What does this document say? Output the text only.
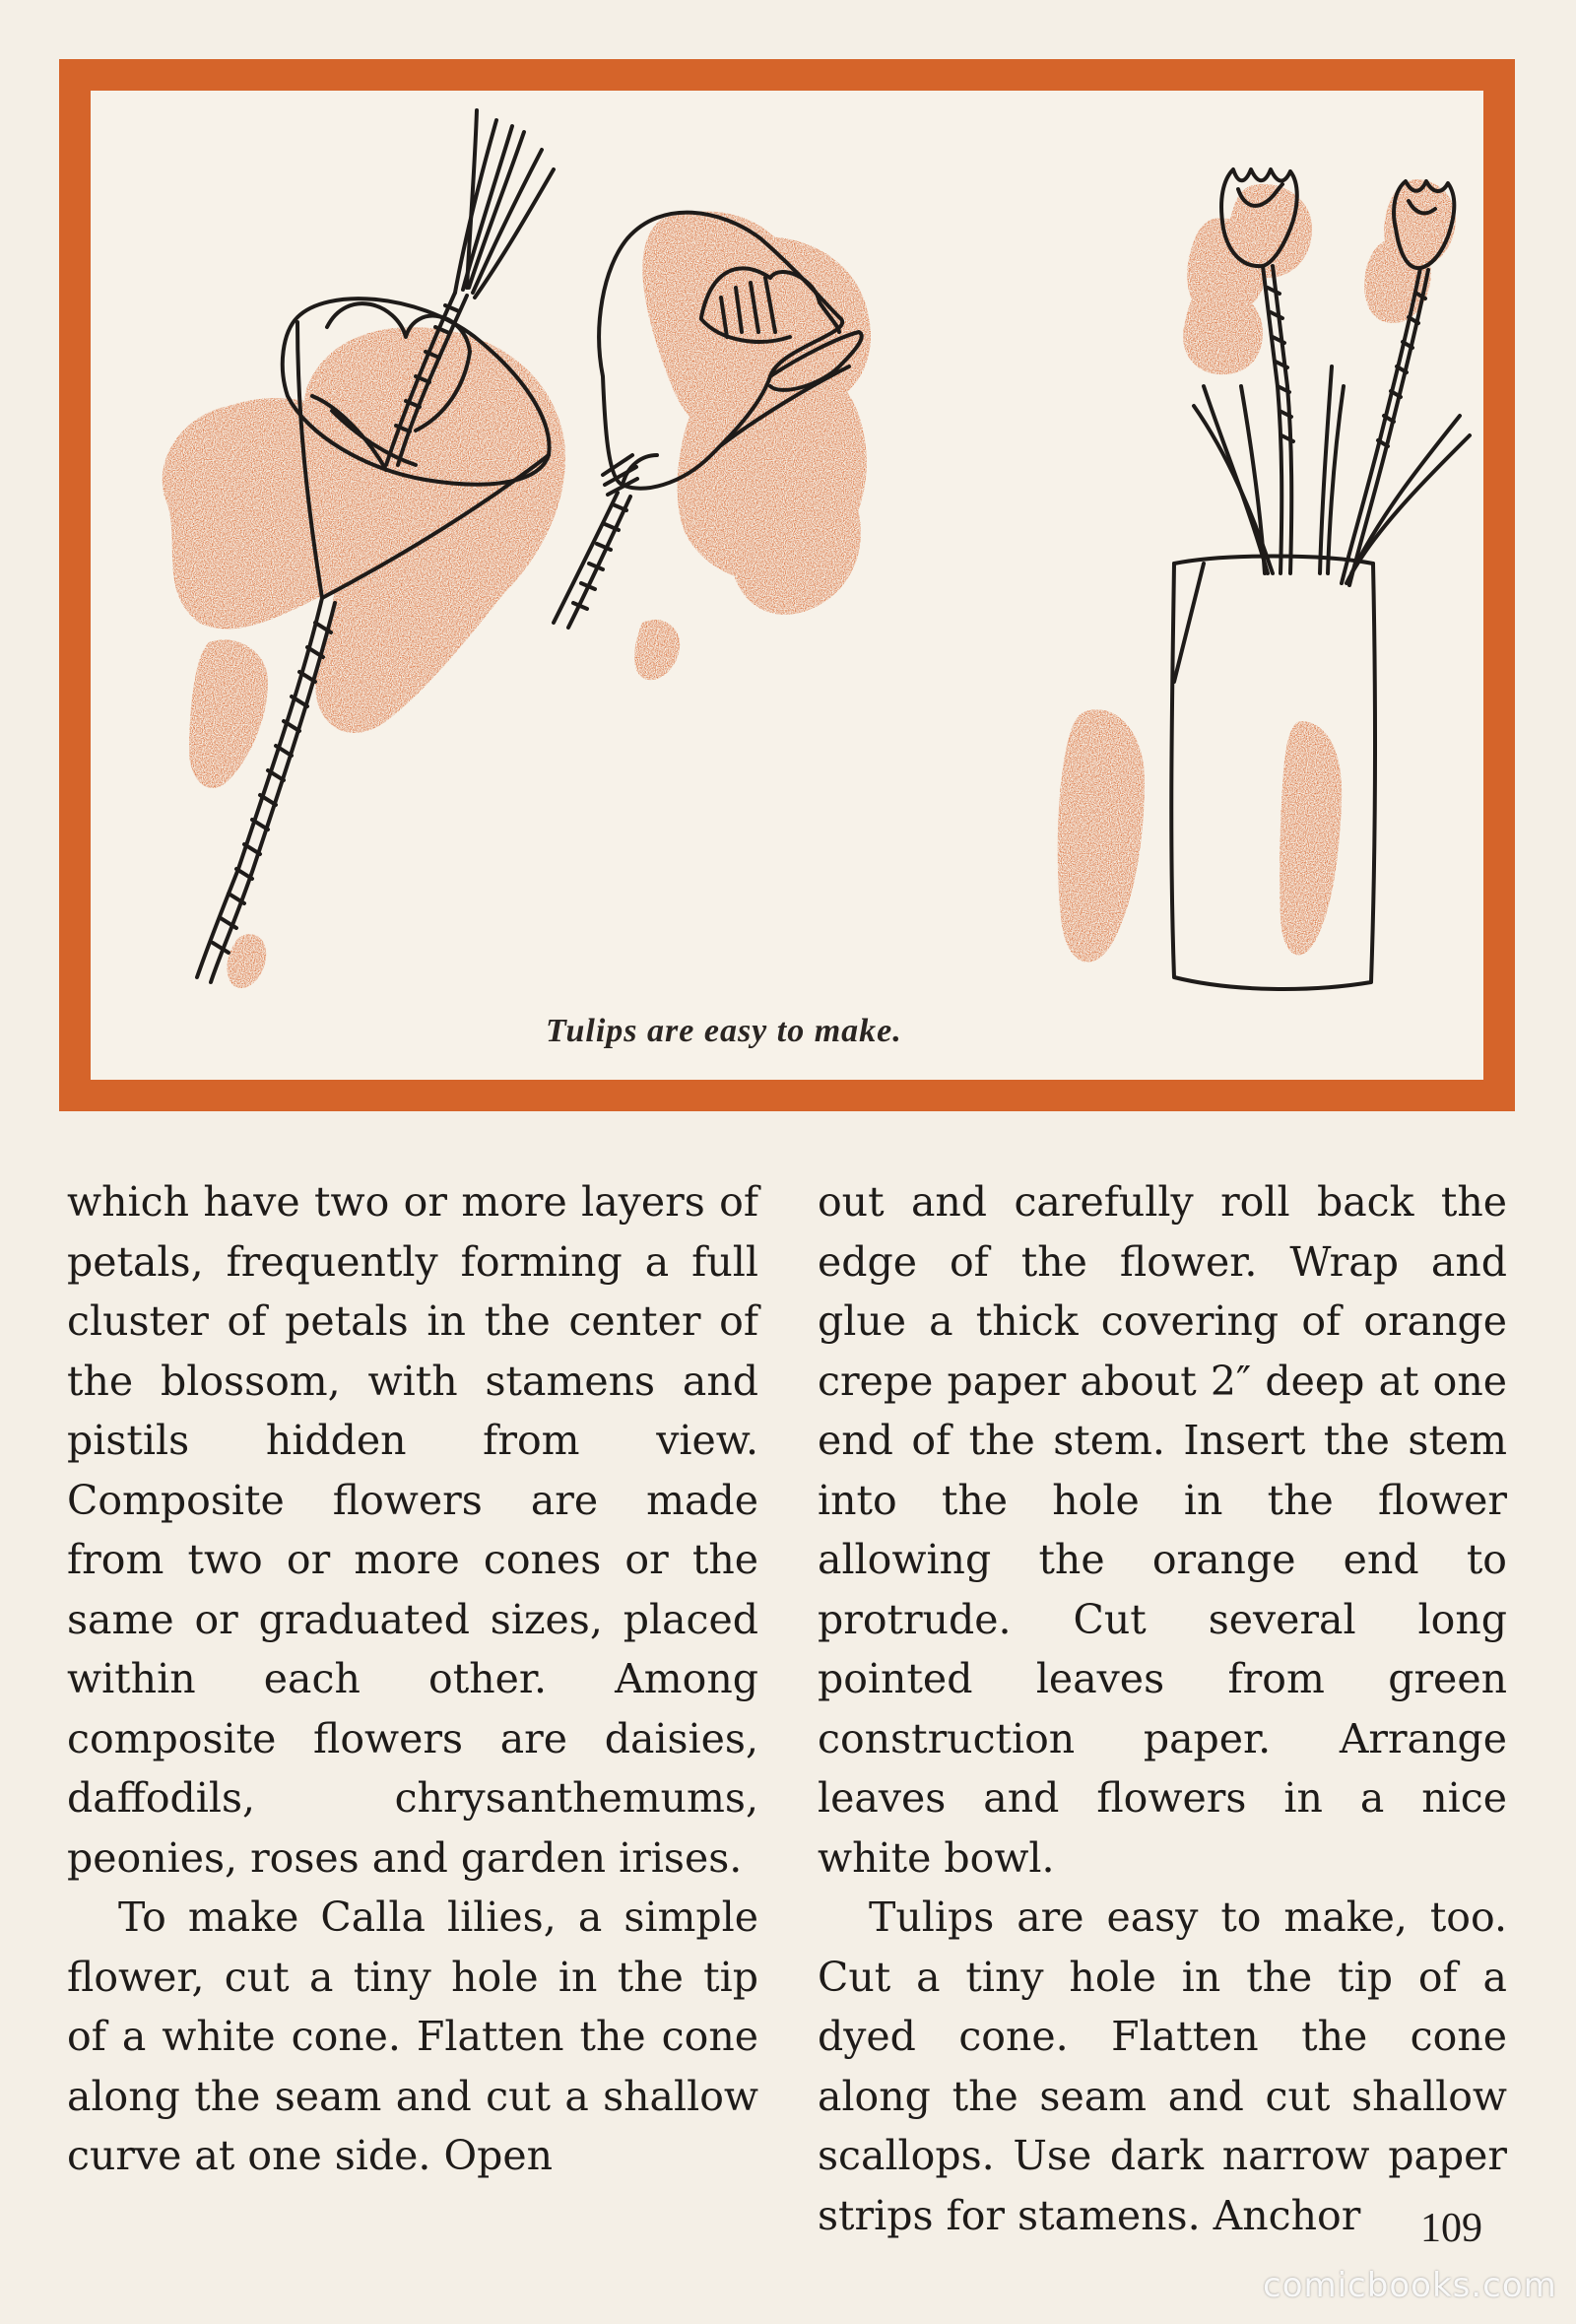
Tulips are easy to make.

which have two or more layers of petals, frequently forming a full cluster of petals in the center of the blossom, with stamens and pistils hidden from view. Composite flowers are made from two or more cones or the same or graduated sizes, placed within each other. Among composite flowers are daisies, daffodils, chrysanthemums, peonies, roses and garden irises.

To make Calla lilies, a simple flower, cut a tiny hole in the tip of a white cone. Flatten the cone along the seam and cut a shallow curve at one side. Open

out and carefully roll back the edge of the flower. Wrap and glue a thick covering of orange crepe paper about 2″ deep at one end of the stem. Insert the stem into the hole in the flower allowing the orange end to protrude. Cut several long pointed leaves from green construction paper. Arrange leaves and flowers in a nice white bowl.

Tulips are easy to make, too. Cut a tiny hole in the tip of a dyed cone. Flatten the cone along the seam and cut shallow scallops. Use dark narrow paper strips for stamens. Anchor	109
comicbooks.com
